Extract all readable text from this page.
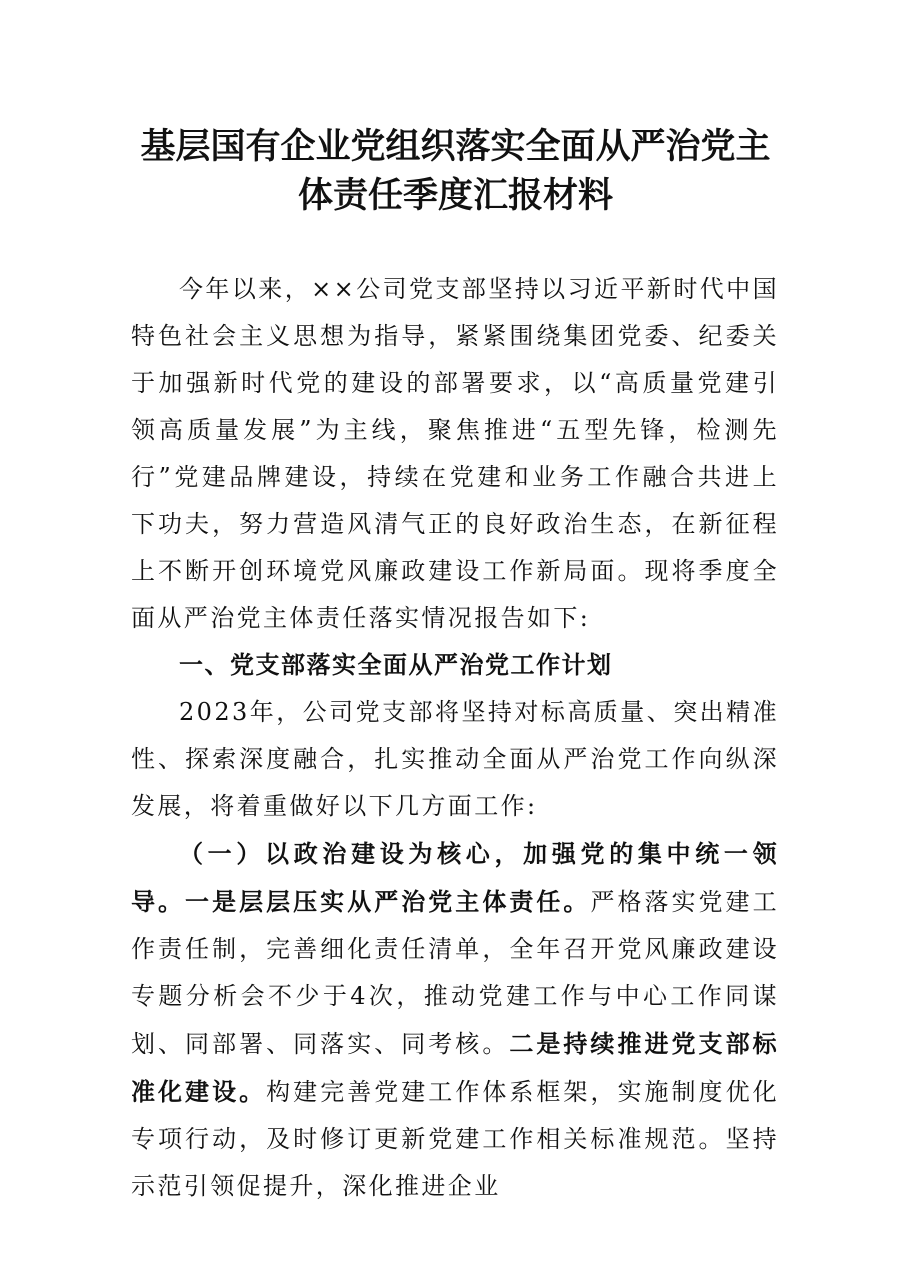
基层国有企业党组织落实全面从严治党主体责任季度汇报材料

今年以来，××公司党支部坚持以习近平新时代中国特色社会主义思想为指导，紧紧围绕集团党委、纪委关于加强新时代党的建设的部署要求，以“高质量党建引领高质量发展”为主线，聚焦推进“五型先锋，检测先行”党建品牌建设，持续在党建和业务工作融合共进上下功夫，努力营造风清气正的良好政治生态，在新征程上不断开创环境党风廉政建设工作新局面。现将季度全面从严治党主体责任落实情况报告如下:

一、党支部落实全面从严治党工作计划

2023年，公司党支部将坚持对标高质量、突出精准性、探索深度融合，扎实推动全面从严治党工作向纵深发展，将着重做好以下几方面工作:

（一）以政治建设为核心，加强党的集中统一领导。一是层层压实从严治党主体责任。严格落实党建工作责任制，完善细化责任清单，全年召开党风廉政建设专题分析会不少于4次，推动党建工作与中心工作同谋划、同部署、同落实、同考核。二是持续推进党支部标准化建设。构建完善党建工作体系框架，实施制度优化专项行动，及时修订更新党建工作相关标准规范。坚持示范引领促提升，深化推进企业
